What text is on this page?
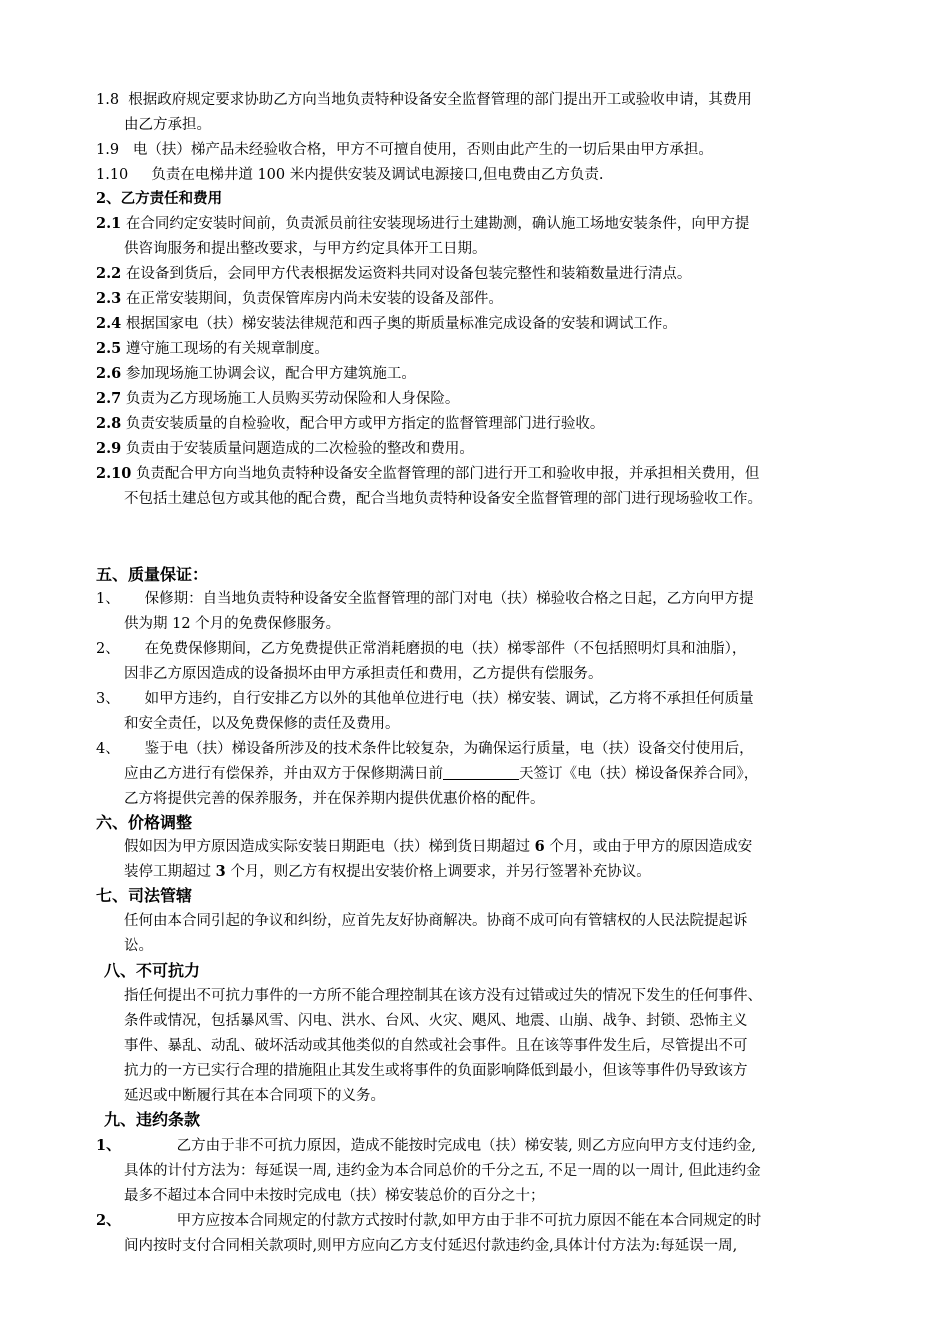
1.8 根据政府规定要求协助乙方向当地负责特种设备安全监督管理的部门提出开工或验收申请，其费用
由乙方承担。
1.9 电（扶）梯产品未经验收合格，甲方不可擅自使用，否则由此产生的一切后果由甲方承担。
1.10 负责在电梯井道 100 米内提供安装及调试电源接口,但电费由乙方负责.
2、乙方责任和费用
2.1 在合同约定安装时间前，负责派员前往安装现场进行土建勘测，确认施工场地安装条件，向甲方提
供咨询服务和提出整改要求，与甲方约定具体开工日期。
2.2 在设备到货后，会同甲方代表根据发运资料共同对设备包装完整性和装箱数量进行清点。
2.3 在正常安装期间，负责保管库房内尚未安装的设备及部件。
2.4 根据国家电（扶）梯安装法律规范和西子奥的斯质量标准完成设备的安装和调试工作。
2.5 遵守施工现场的有关规章制度。
2.6 参加现场施工协调会议，配合甲方建筑施工。
2.7 负责为乙方现场施工人员购买劳动保险和人身保险。
2.8 负责安装质量的自检验收，配合甲方或甲方指定的监督管理部门进行验收。
2.9 负责由于安装质量问题造成的二次检验的整改和费用。
2.10 负责配合甲方向当地负责特种设备安全监督管理的部门进行开工和验收申报，并承担相关费用，但
不包括土建总包方或其他的配合费，配合当地负责特种设备安全监督管理的部门进行现场验收工作。
五、质量保证：
1、 保修期：自当地负责特种设备安全监督管理的部门对电（扶）梯验收合格之日起，乙方向甲方提
供为期 12 个月的免费保修服务。
2、 在免费保修期间，乙方免费提供正常消耗磨损的电（扶）梯零部件（不包括照明灯具和油脂），
因非乙方原因造成的设备损坏由甲方承担责任和费用，乙方提供有偿服务。
3、 如甲方违约，自行安排乙方以外的其他单位进行电（扶）梯安装、调试，乙方将不承担任何质量
和安全责任，以及免费保修的责任及费用。
4、 鉴于电（扶）梯设备所涉及的技术条件比较复杂，为确保运行质量，电（扶）设备交付使用后，
应由乙方进行有偿保养，并由双方于保修期满日前	天签订《电（扶）梯设备保养合同》，
乙方将提供完善的保养服务，并在保养期内提供优惠价格的配件。
六、价格调整
假如因为甲方原因造成实际安装日期距电（扶）梯到货日期超过 6 个月，或由于甲方的原因造成安
装停工期超过 3 个月，则乙方有权提出安装价格上调要求，并另行签署补充协议。
七、司法管辖
任何由本合同引起的争议和纠纷，应首先友好协商解决。协商不成可向有管辖权的人民法院提起诉
讼。
八、不可抗力
指任何提出不可抗力事件的一方所不能合理控制其在该方没有过错或过失的情况下发生的任何事件、
条件或情况，包括暴风雪、闪电、洪水、台风、火灾、飓风、地震、山崩、战争、封锁、恐怖主义
事件、暴乱、动乱、破坏活动或其他类似的自然或社会事件。且在该等事件发生后，尽管提出不可
抗力的一方已实行合理的措施阻止其发生或将事件的负面影响降低到最小，但该等事件仍导致该方
延迟或中断履行其在本合同项下的义务。
九、违约条款
1、	乙方由于非不可抗力原因，造成不能按时完成电（扶）梯安装, 则乙方应向甲方支付违约金,
具体的计付方法为：每延误一周, 违约金为本合同总价的千分之五, 不足一周的以一周计, 但此违约金
最多不超过本合同中未按时完成电（扶）梯安装总价的百分之十；
2、	甲方应按本合同规定的付款方式按时付款,如甲方由于非不可抗力原因不能在本合同规定的时
间内按时支付合同相关款项时,则甲方应向乙方支付延迟付款违约金,具体计付方法为:每延误一周,
